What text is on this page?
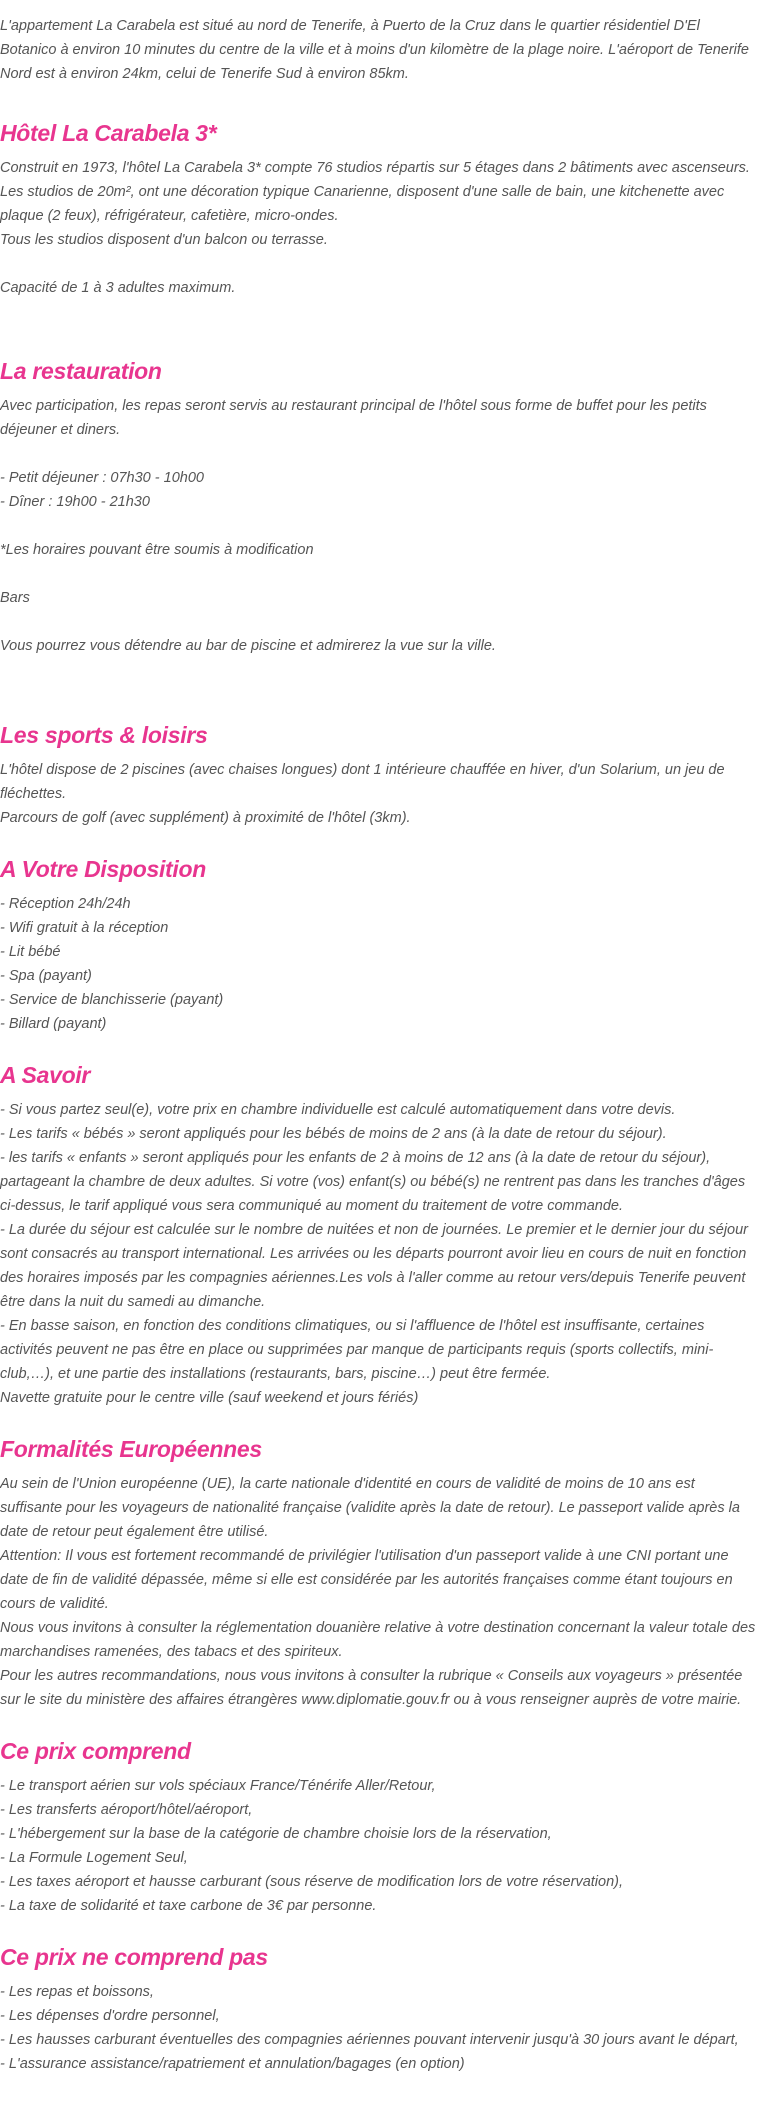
L'appartement La Carabela est situé au nord de Tenerife, à Puerto de la Cruz dans le quartier résidentiel D'El Botanico à environ 10 minutes du centre de la ville et à moins d'un kilomètre de la plage noire. L'aéroport de Tenerife Nord est à environ 24km, celui de Tenerife Sud à environ 85km.

Hôtel La Carabela 3*

Construit en 1973, l'hôtel La Carabela 3* compte 76 studios répartis sur 5 étages dans 2 bâtiments avec ascenseurs.

Les studios de 20m², ont une décoration typique Canarienne, disposent d'une salle de bain, une kitchenette avec plaque (2 feux), réfrigérateur, cafetière, micro-ondes.

Tous les studios disposent d'un balcon ou terrasse.

Capacité de 1 à 3 adultes maximum.

La restauration

Avec participation, les repas seront servis au restaurant principal de l'hôtel sous forme de buffet pour les petits déjeuner et diners.

- Petit déjeuner : 07h30 - 10h00

- Dîner : 19h00 - 21h30

*Les horaires pouvant être soumis à modification

Bars

Vous pourrez vous détendre au bar de piscine et admirerez la vue sur la ville.

Les sports & loisirs

L'hôtel dispose de 2 piscines (avec chaises longues) dont 1 intérieure chauffée en hiver, d'un Solarium, un jeu de fléchettes.

Parcours de golf (avec supplément) à proximité de l'hôtel (3km).

A Votre Disposition

- Réception 24h/24h

- Wifi gratuit à la réception

- Lit bébé

- Spa (payant)

- Service de blanchisserie (payant)

- Billard (payant)

A Savoir

- Si vous partez seul(e), votre prix en chambre individuelle est calculé automatiquement dans votre devis.

- Les tarifs « bébés » seront appliqués pour les bébés de moins de 2 ans (à la date de retour du séjour).

- les tarifs « enfants » seront appliqués pour les enfants de 2 à moins de 12 ans (à la date de retour du séjour), partageant la chambre de deux adultes. Si votre (vos) enfant(s) ou bébé(s) ne rentrent pas dans les tranches d'âges ci-dessus, le tarif appliqué vous sera communiqué au moment du traitement de votre commande.

- La durée du séjour est calculée sur le nombre de nuitées et non de journées. Le premier et le dernier jour du séjour sont consacrés au transport international. Les arrivées ou les départs pourront avoir lieu en cours de nuit en fonction des horaires imposés par les compagnies aériennes.Les vols à l'aller comme au retour vers/depuis Tenerife peuvent être dans la nuit du samedi au dimanche.

- En basse saison, en fonction des conditions climatiques, ou si l'affluence de l'hôtel est insuffisante, certaines activités peuvent ne pas être en place ou supprimées par manque de participants requis (sports collectifs, mini-club,…), et une partie des installations (restaurants, bars, piscine…) peut être fermée.

Navette gratuite pour le centre ville (sauf weekend et jours fériés)

Formalités Européennes

Au sein de l'Union européenne (UE), la carte nationale d'identité en cours de validité de moins de 10 ans est suffisante pour les voyageurs de nationalité française (validite après la date de retour). Le passeport valide après la date de retour peut également être utilisé.

Attention: Il vous est fortement recommandé de privilégier l'utilisation d'un passeport valide à une CNI portant une date de fin de validité dépassée, même si elle est considérée par les autorités françaises comme étant toujours en cours de validité.

Nous vous invitons à consulter la réglementation douanière relative à votre destination concernant la valeur totale des marchandises ramenées, des tabacs et des spiriteux.

Pour les autres recommandations, nous vous invitons à consulter la rubrique « Conseils aux voyageurs » présentée sur le site du ministère des affaires étrangères www.diplomatie.gouv.fr ou à vous renseigner auprès de votre mairie.

Ce prix comprend

- Le transport aérien sur vols spéciaux France/Ténérife Aller/Retour,

- Les transferts aéroport/hôtel/aéroport,

- L'hébergement sur la base de la catégorie de chambre choisie lors de la réservation,

- La Formule Logement Seul,

- Les taxes aéroport et hausse carburant (sous réserve de modification lors de votre réservation),

- La taxe de solidarité et taxe carbone de 3€ par personne.

Ce prix ne comprend pas

- Les repas et boissons,

- Les dépenses d'ordre personnel,

- Les hausses carburant éventuelles des compagnies aériennes pouvant intervenir jusqu'à 30 jours avant le départ,

- L'assurance assistance/rapatriement et annulation/bagages (en option)
